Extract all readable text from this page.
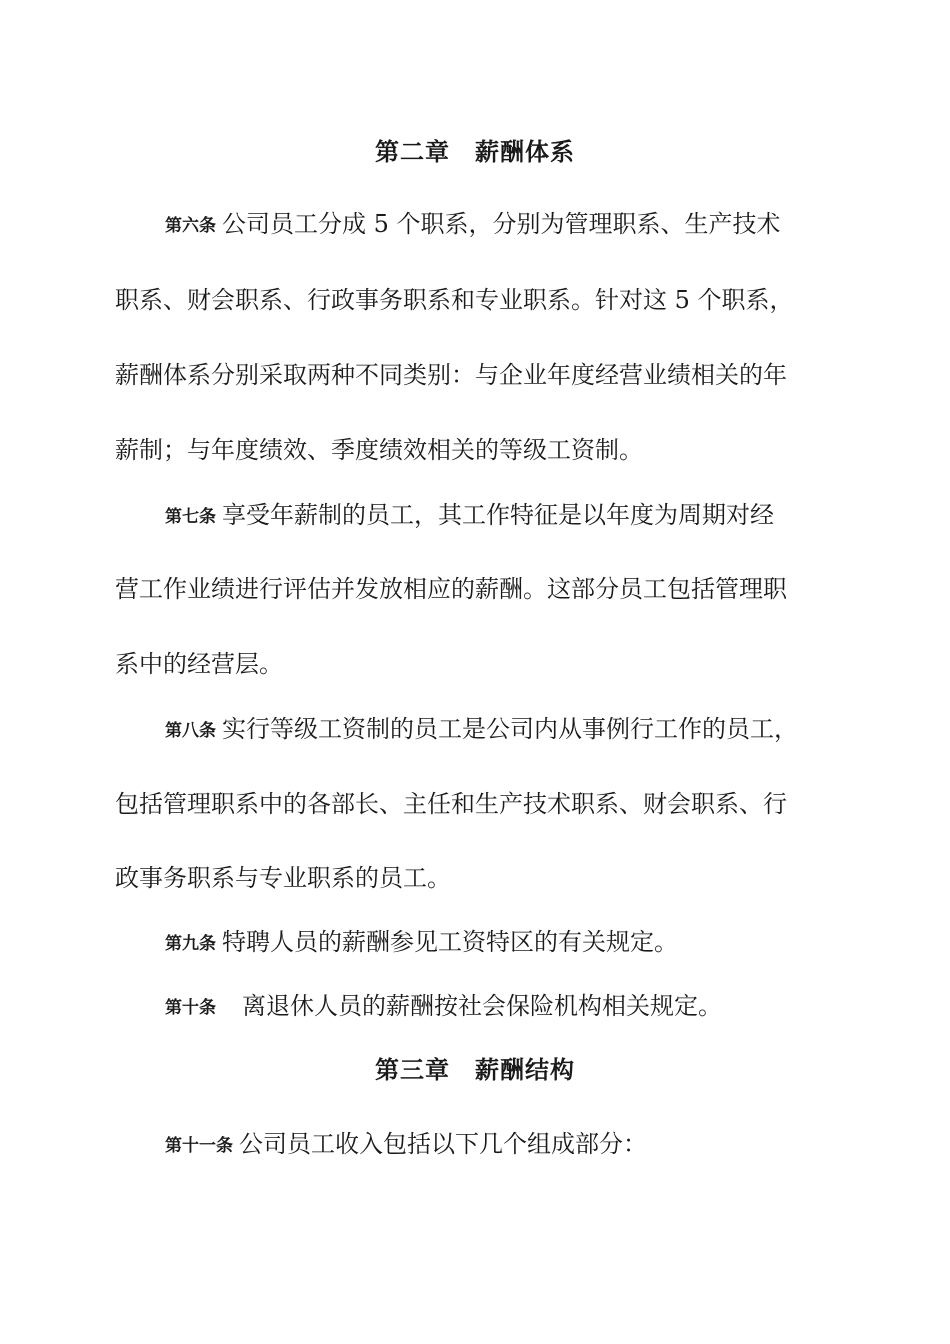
第二章　薪酬体系
第六条 公司员工分成 5 个职系，分别为管理职系、生产技术
职系、财会职系、行政事务职系和专业职系。针对这 5 个职系，
薪酬体系分别采取两种不同类别：与企业年度经营业绩相关的年
薪制；与年度绩效、季度绩效相关的等级工资制。
第七条 享受年薪制的员工，其工作特征是以年度为周期对经
营工作业绩进行评估并发放相应的薪酬。这部分员工包括管理职
系中的经营层。
第八条 实行等级工资制的员工是公司内从事例行工作的员工，
包括管理职系中的各部长、主任和生产技术职系、财会职系、行
政事务职系与专业职系的员工。
第九条 特聘人员的薪酬参见工资特区的有关规定。
第十条 离退休人员的薪酬按社会保险机构相关规定。
第三章　薪酬结构
第十一条 公司员工收入包括以下几个组成部分：
